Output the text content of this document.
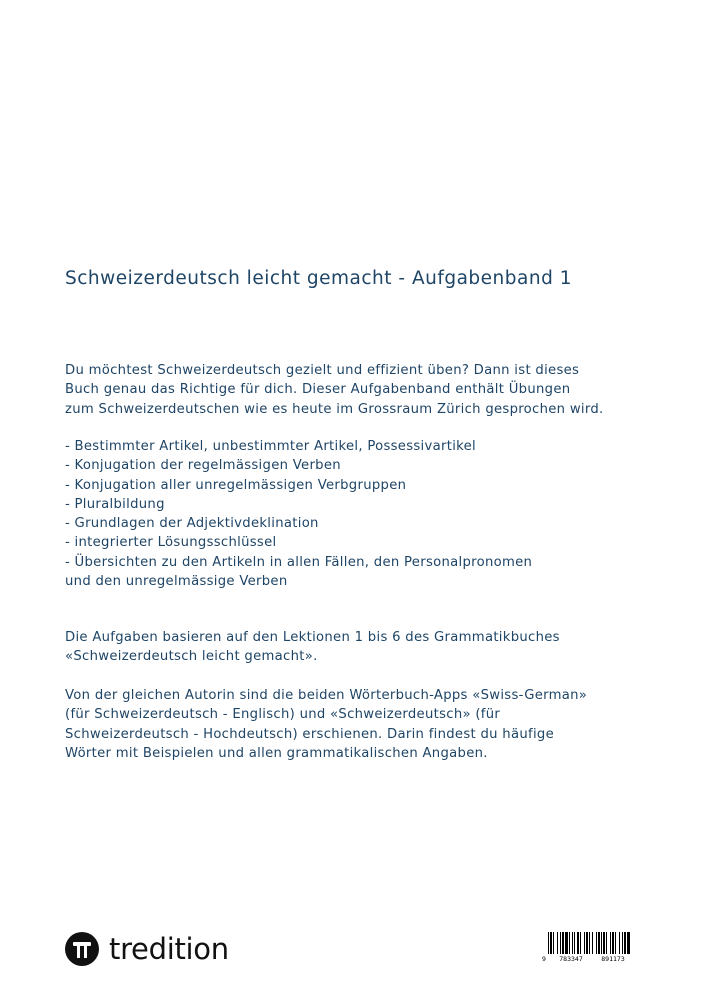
Schweizerdeutsch leicht gemacht - Aufgabenband 1
Du möchtest Schweizerdeutsch gezielt und effizient üben? Dann ist dieses
Buch genau das Richtige für dich. Dieser Aufgabenband enthält Übungen
zum Schweizerdeutschen wie es heute im Grossraum Zürich gesprochen wird.
- Bestimmter Artikel, unbestimmter Artikel, Possessivartikel
- Konjugation der regelmässigen Verben
- Konjugation aller unregelmässigen Verbgruppen
- Pluralbildung
- Grundlagen der Adjektivdeklination
- integrierter Lösungsschlüssel
- Übersichten zu den Artikeln in allen Fällen, den Personalpronomen
und den unregelmässige Verben
Die Aufgaben basieren auf den Lektionen 1 bis 6 des Grammatikbuches
«Schweizerdeutsch leicht gemacht».
Von der gleichen Autorin sind die beiden Wörterbuch-Apps «Swiss-German»
(für Schweizerdeutsch - Englisch) und «Schweizerdeutsch» (für
Schweizerdeutsch - Hochdeutsch) erschienen. Darin findest du häufige
Wörter mit Beispielen und allen grammatikalischen Angaben.
tredition	9	783347	891173
